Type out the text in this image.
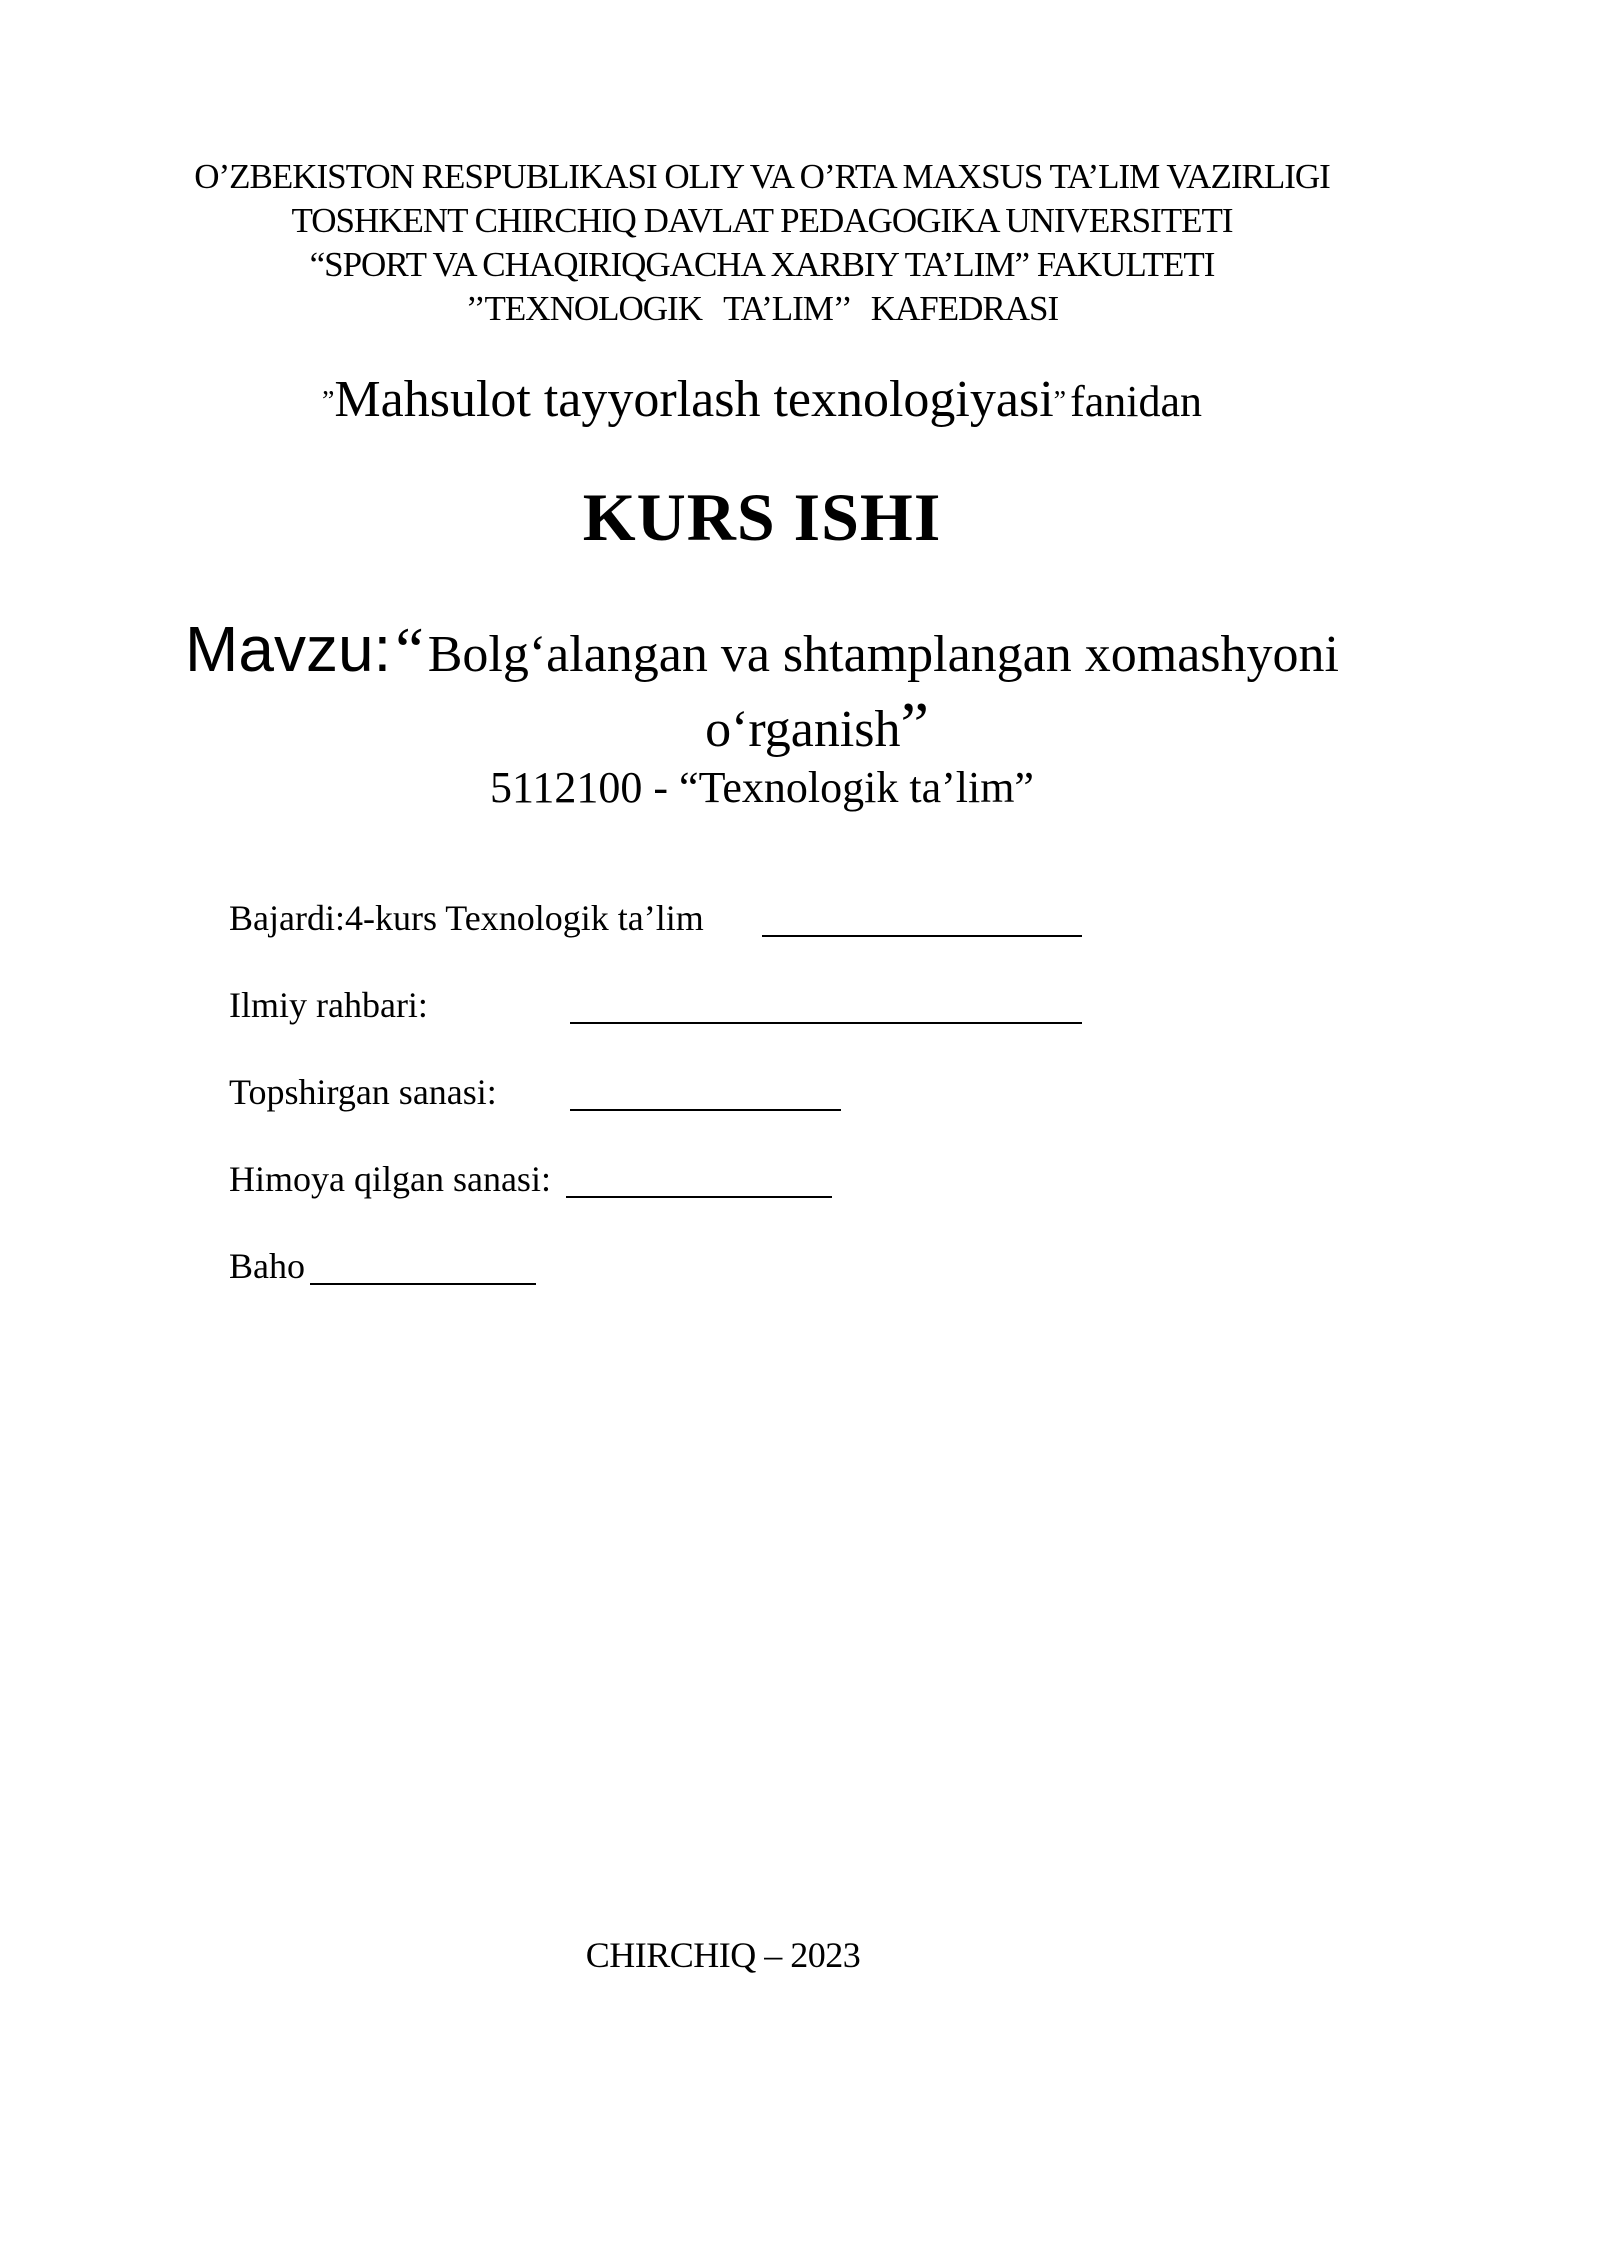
O’ZBEKISTON RESPUBLIKASI OLIY VA O’RTA MAXSUS TA’LIM VAZIRLIGI
TOSHKENT CHIRCHIQ DAVLAT PEDAGOGIKA UNIVERSITETI
“SPORT VA CHAQIRIQGACHA XARBIY TA’LIM” FAKULTETI
’’TEXNOLOGIK TA’LIM’’ KAFEDRASI
”Mahsulot tayyorlash texnologiyasi” fanidan
KURS ISHI
Mavzu: “ Bolg‘alangan va shtamplangan xomashyoni
o‘rganish”
5112100 - “Texnologik ta’lim”
Bajardi:4-kurs Texnologik ta’lim
Ilmiy rahbari:
Topshirgan sanasi:
Himoya qilgan sanasi:
Baho
CHIRCHIQ – 2023
